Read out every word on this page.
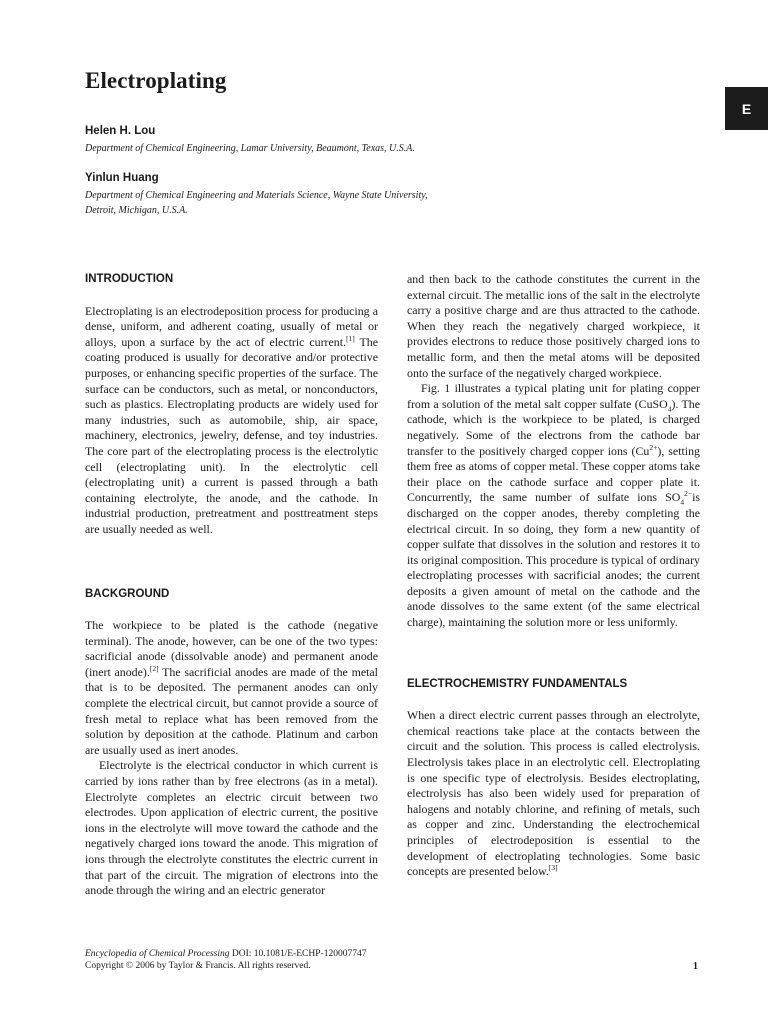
Electroplating
E
Helen H. Lou
Department of Chemical Engineering, Lamar University, Beaumont, Texas, U.S.A.
Yinlun Huang
Department of Chemical Engineering and Materials Science, Wayne State University,
Detroit, Michigan, U.S.A.
INTRODUCTION

Electroplating is an electrodeposition process for producing a dense, uniform, and adherent coating, usually of metal or alloys, upon a surface by the act of electric current.[1] The coating produced is usually for decorative and/or protective purposes, or enhancing specific properties of the surface. The surface can be conductors, such as metal, or nonconductors, such as plastics. Electroplating products are widely used for many industries, such as automobile, ship, air space, machinery, electronics, jewelry, defense, and toy industries. The core part of the electroplating process is the electrolytic cell (electroplating unit). In the electrolytic cell (electroplating unit) a current is passed through a bath containing electrolyte, the anode, and the cathode. In industrial production, pretreatment and posttreatment steps are usually needed as well.

BACKGROUND

The workpiece to be plated is the cathode (negative terminal). The anode, however, can be one of the two types: sacrificial anode (dissolvable anode) and permanent anode (inert anode).[2] The sacrificial anodes are made of the metal that is to be deposited. The permanent anodes can only complete the electrical circuit, but cannot provide a source of fresh metal to replace what has been removed from the solution by deposition at the cathode. Platinum and carbon are usually used as inert anodes.

Electrolyte is the electrical conductor in which current is carried by ions rather than by free electrons (as in a metal). Electrolyte completes an electric circuit between two electrodes. Upon application of electric current, the positive ions in the electrolyte will move toward the cathode and the negatively charged ions toward the anode. This migration of ions through the electrolyte constitutes the electric current in that part of the circuit. The migration of electrons into the anode through the wiring and an electric generator

and then back to the cathode constitutes the current in the external circuit. The metallic ions of the salt in the electrolyte carry a positive charge and are thus attracted to the cathode. When they reach the negatively charged workpiece, it provides electrons to reduce those positively charged ions to metallic form, and then the metal atoms will be deposited onto the surface of the negatively charged workpiece.

Fig. 1 illustrates a typical plating unit for plating copper from a solution of the metal salt copper sulfate (CuSO$_4$). The cathode, which is the workpiece to be plated, is charged negatively. Some of the electrons from the cathode bar transfer to the positively charged copper ions $(Cu^{2+})$, setting them free as atoms of copper metal. These copper atoms take their place on the cathode surface and copper plate it. Concurrently, the same number of sulfate ions $SO_4^{2-}is$ discharged on the copper anodes, thereby completing the electrical circuit. In so doing, they form a new quantity of copper sulfate that dissolves in the solution and restores it to its original composition. This procedure is typical of ordinary electroplating processes with sacrificial anodes; the current deposits a given amount of metal on the cathode and the anode dissolves to the same extent (of the same electrical charge), maintaining the solution more or less uniformly.

ELECTROCHEMISTRY FUNDAMENTALS

When a direct electric current passes through an electrolyte, chemical reactions take place at the contacts between the circuit and the solution. This process is called electrolysis. Electrolysis takes place in an electrolytic cell. Electroplating is one specific type of electrolysis. Besides electroplating, electrolysis has also been widely used for preparation of halogens and notably chlorine, and refining of metals, such as copper and zinc. Understanding the electrochemical principles of electrodeposition is essential to the development of electroplating technologies. Some basic concepts are presented below.[3]

Encyclopedia of Chemical Processing DOI: 10.1081/E-ECHP-120007747
Copyright © 2006 by Taylor & Francis. All rights reserved.	1
